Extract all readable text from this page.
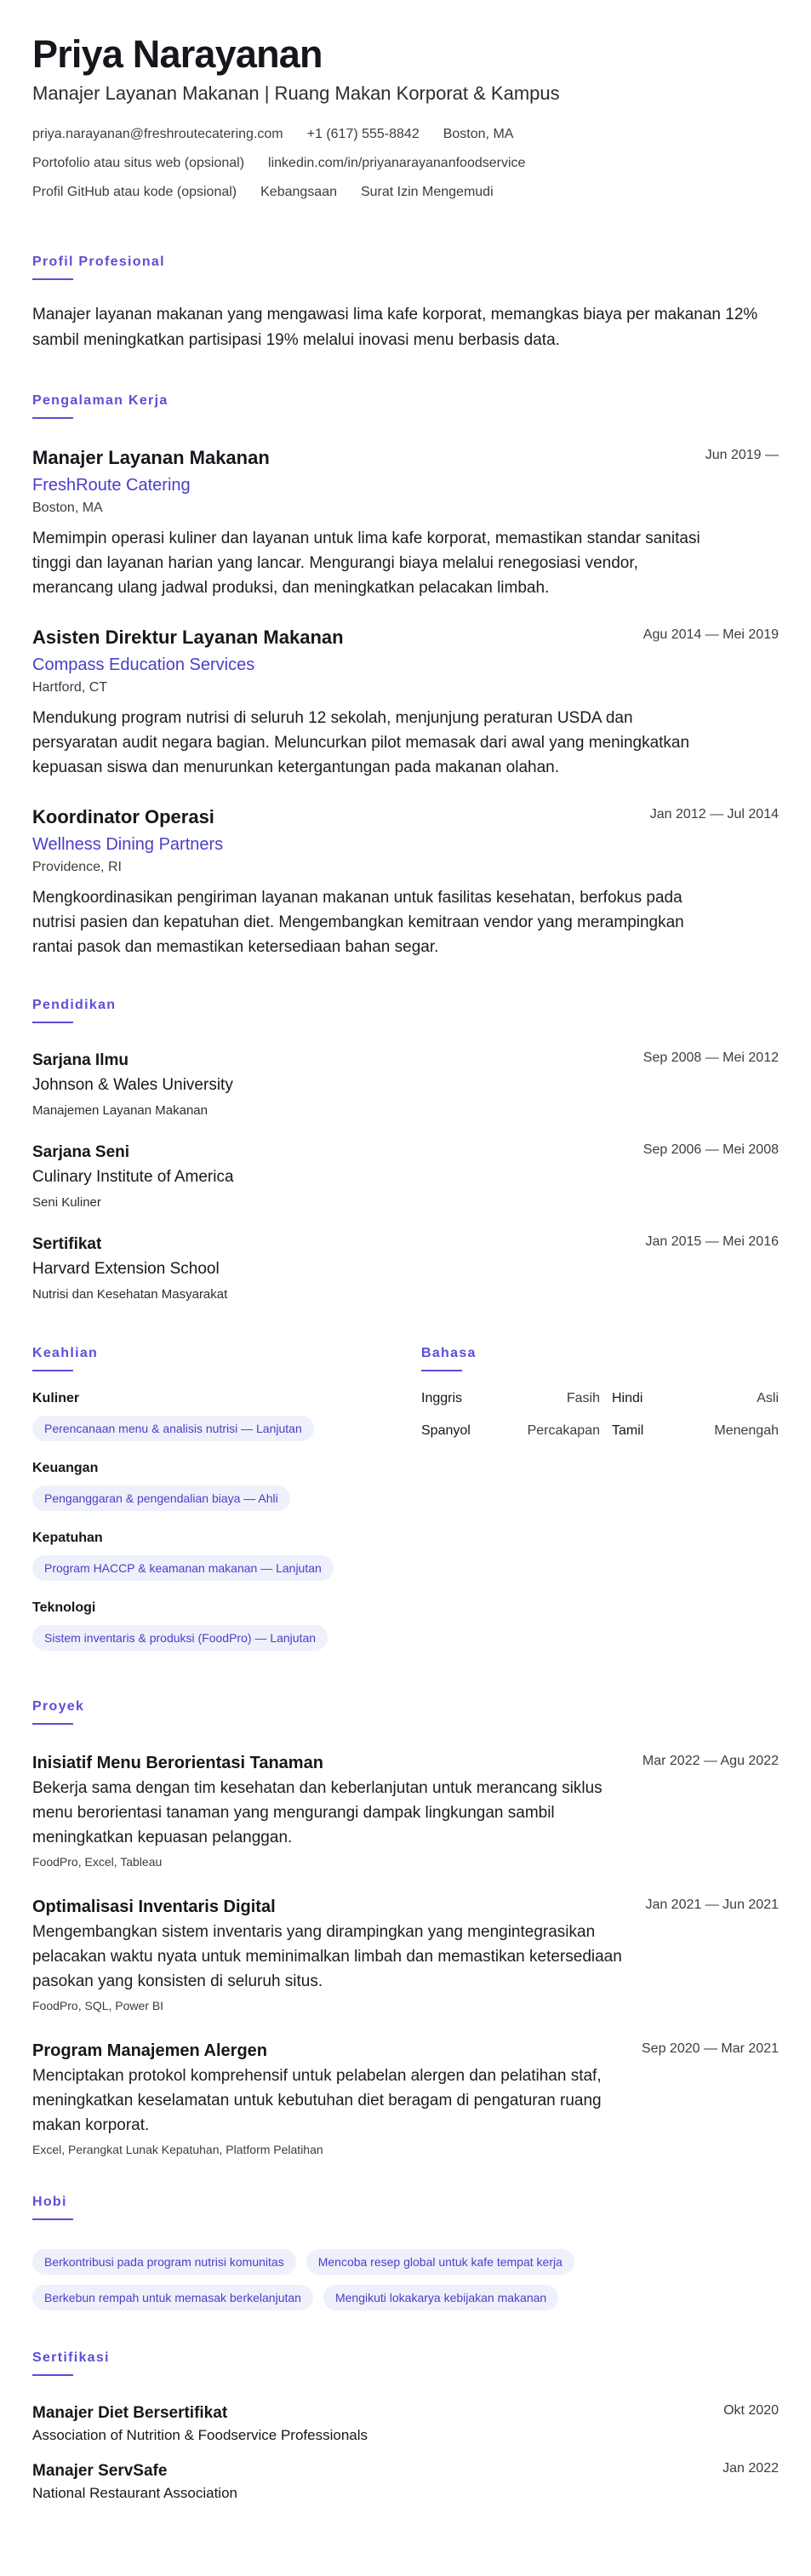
Priya Narayanan
Manajer Layanan Makanan | Ruang Makan Korporat & Kampus
priya.narayanan@freshroutecatering.com +1 (617) 555-8842 Boston, MA
Portofolio atau situs web (opsional) linkedin.com/in/priyanarayananfoodservice
Profil GitHub atau kode (opsional) Kebangsaan Surat Izin Mengemudi
Profil Profesional

Manajer layanan makanan yang mengawasi lima kafe korporat, memangkas biaya per makanan 12% sambil meningkatkan partisipasi 19% melalui inovasi menu berbasis data.

Pengalaman Kerja
Manajer Layanan Makanan	Jun 2019 —
FreshRoute Catering
Boston, MA
Memimpin operasi kuliner dan layanan untuk lima kafe korporat, memastikan standar sanitasi tinggi dan layanan harian yang lancar. Mengurangi biaya melalui renegosiasi vendor, merancang ulang jadwal produksi, dan meningkatkan pelacakan limbah.
Asisten Direktur Layanan Makanan	Agu 2014 — Mei 2019
Compass Education Services
Hartford, CT
Mendukung program nutrisi di seluruh 12 sekolah, menjunjung peraturan USDA dan persyaratan audit negara bagian. Meluncurkan pilot memasak dari awal yang meningkatkan kepuasan siswa dan menurunkan ketergantungan pada makanan olahan.
Koordinator Operasi	Jan 2012 — Jul 2014
Wellness Dining Partners
Providence, RI
Mengkoordinasikan pengiriman layanan makanan untuk fasilitas kesehatan, berfokus pada nutrisi pasien dan kepatuhan diet. Mengembangkan kemitraan vendor yang merampingkan rantai pasok dan memastikan ketersediaan bahan segar.
Pendidikan
Sarjana Ilmu	Sep 2008 — Mei 2012
Johnson & Wales University
Manajemen Layanan Makanan
Sarjana Seni	Sep 2006 — Mei 2008
Culinary Institute of America
Seni Kuliner
Sertifikat	Jan 2015 — Mei 2016
Harvard Extension School
Nutrisi dan Kesehatan Masyarakat
Keahlian
Kuliner
Perencanaan menu & analisis nutrisi — Lanjutan
Keuangan
Penganggaran & pengendalian biaya — Ahli
Kepatuhan
Program HACCP & keamanan makanan — Lanjutan
Teknologi
Sistem inventaris & produksi (FoodPro) — Lanjutan
Bahasa
Inggris	Fasih Hindi	Asli
Spanyol	Percakapan Tamil	Menengah
Proyek
Inisiatif Menu Berorientasi Tanaman	Mar 2022 — Agu 2022
Bekerja sama dengan tim kesehatan dan keberlanjutan untuk merancang siklus menu berorientasi tanaman yang mengurangi dampak lingkungan sambil meningkatkan kepuasan pelanggan.
FoodPro, Excel, Tableau
Optimalisasi Inventaris Digital	Jan 2021 — Jun 2021
Mengembangkan sistem inventaris yang dirampingkan yang mengintegrasikan pelacakan waktu nyata untuk meminimalkan limbah dan memastikan ketersediaan pasokan yang konsisten di seluruh situs.
FoodPro, SQL, Power BI
Program Manajemen Alergen	Sep 2020 — Mar 2021
Menciptakan protokol komprehensif untuk pelabelan alergen dan pelatihan staf, meningkatkan keselamatan untuk kebutuhan diet beragam di pengaturan ruang makan korporat.
Excel, Perangkat Lunak Kepatuhan, Platform Pelatihan
Hobi
Berkontribusi pada program nutrisi komunitas	Mencoba resep global untuk kafe tempat kerja
Berkebun rempah untuk memasak berkelanjutan	Mengikuti lokakarya kebijakan makanan
Sertifikasi
Manajer Diet Bersertifikat	Okt 2020
Association of Nutrition & Foodservice Professionals
Manajer ServSafe	Jan 2022
National Restaurant Association
